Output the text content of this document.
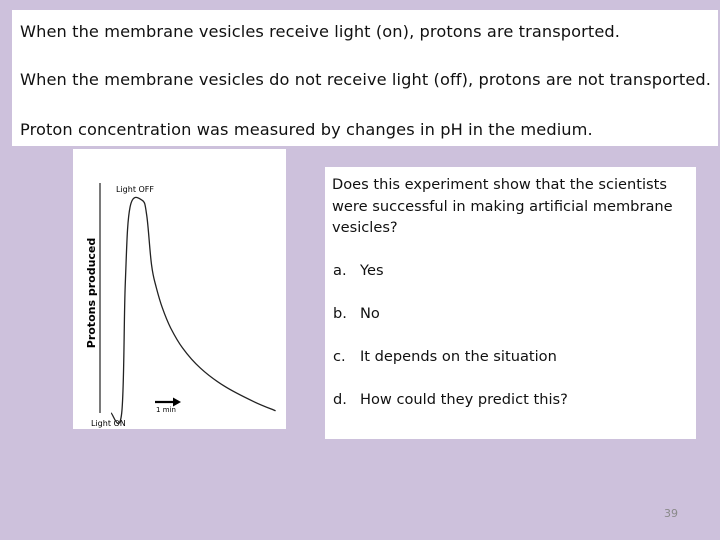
When the membrane vesicles receive light (on), protons are transported.
When the membrane vesicles do not receive light (off), protons are not transported.
Proton concentration was measured by changes in pH in the medium.
Protons produced
Light OFF
Light ON
1 min
Does this experiment show that the scientists were successful in making artificial membrane vesicles?
a. Yes
b. No
c. It depends on the situation
d. How could they predict this?
39
